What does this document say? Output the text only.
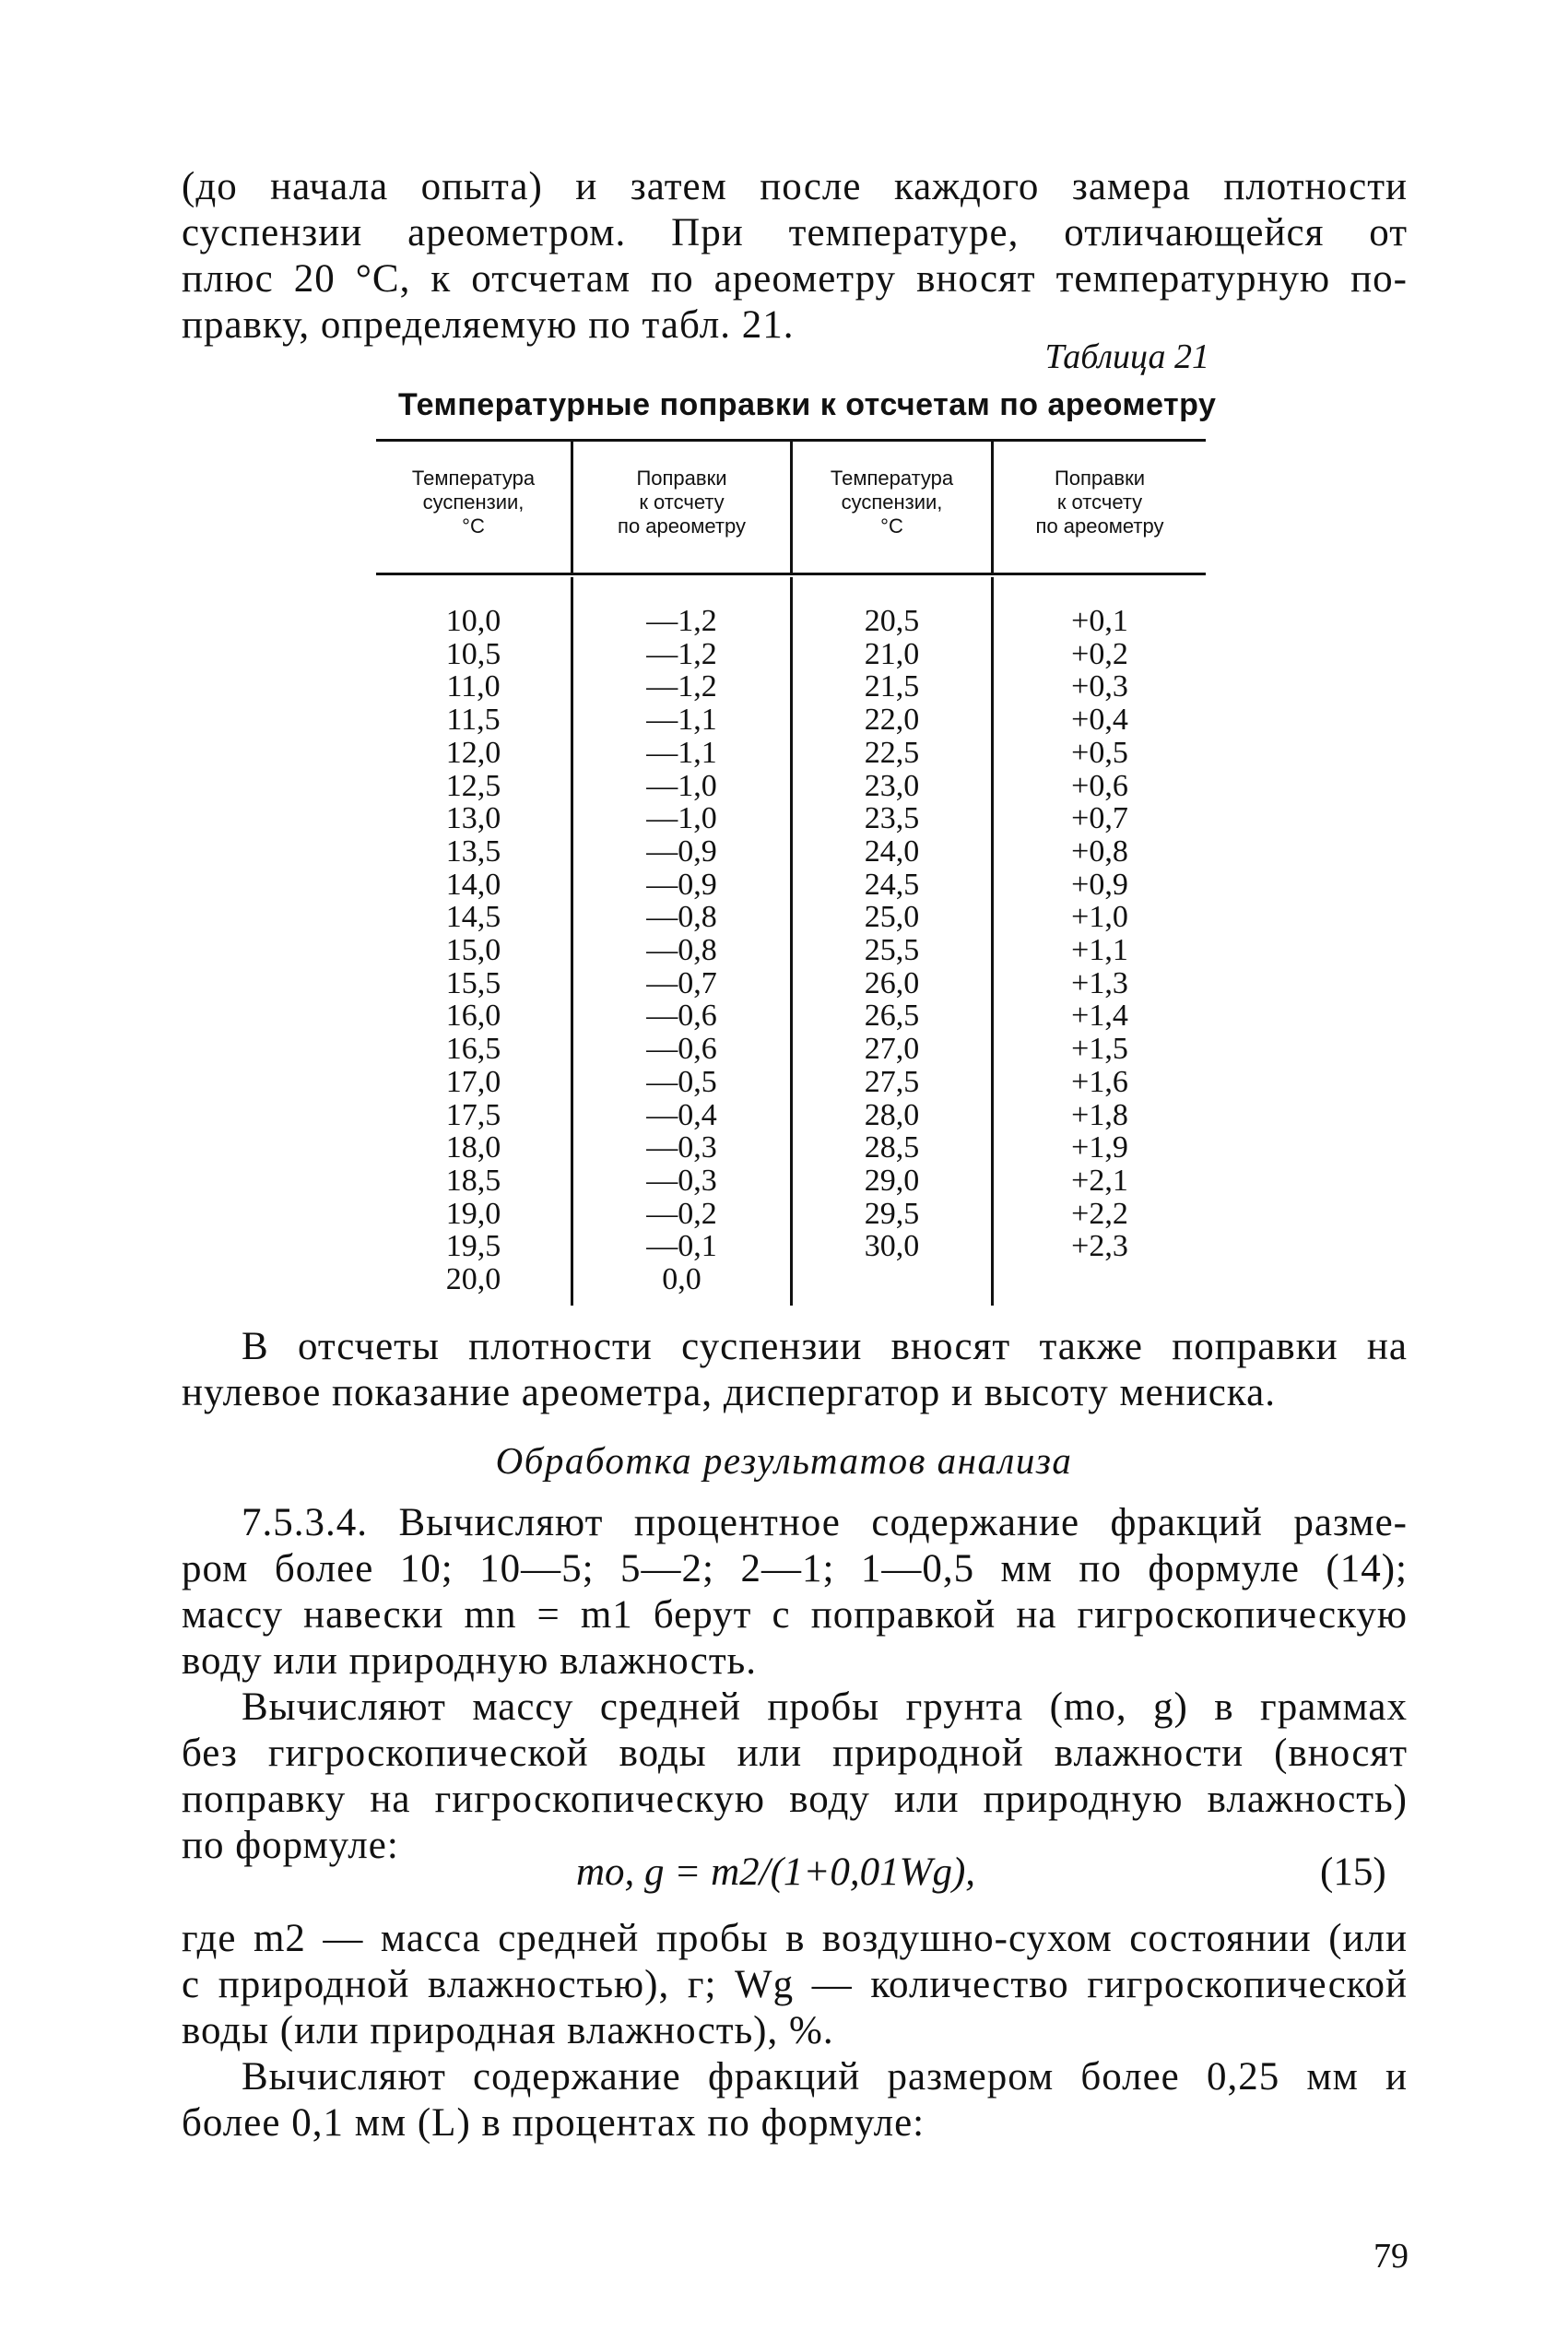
(до начала опыта) и затем после каждого замера плотности
суспензии ареометром. При температуре, отличающейся от
плюс 20 °С, к отсчетам по ареометру вносят температурную по-
правку, определяемую по табл. 21.

Таблица 21

Температурные поправки к отсчетам по ареометру

Температура
суспензии,
°С
Поправки
к отсчету
по ареометру
Температура
суспензии,
°С
Поправки
к отсчету
по ареометру
10,0
10,5
11,0
11,5
12,0
12,5
13,0
13,5
14,0
14,5
15,0
15,5
16,0
16,5
17,0
17,5
18,0
18,5
19,0
19,5
20,0
—1,2
—1,2
—1,2
—1,1
—1,1
—1,0
—1,0
—0,9
—0,9
—0,8
—0,8
—0,7
—0,6
—0,6
—0,5
—0,4
—0,3
—0,3
—0,2
—0,1
0,0
20,5
21,0
21,5
22,0
22,5
23,0
23,5
24,0
24,5
25,0
25,5
26,0
26,5
27,0
27,5
28,0
28,5
29,0
29,5
30,0
+0,1
+0,2
+0,3
+0,4
+0,5
+0,6
+0,7
+0,8
+0,9
+1,0
+1,1
+1,3
+1,4
+1,5
+1,6
+1,8
+1,9
+2,1
+2,2
+2,3
В отсчеты плотности суспензии вносят также поправки на
нулевое показание ареометра, диспергатор и высоту мениска.

Обработка результатов анализа

7.5.3.4. Вычисляют процентное содержание фракций разме-
ром более 10; 10—5; 5—2; 2—1; 1—0,5 мм по формуле (14);
массу навески mn = m1 берут с поправкой на гигроскопическую
воду или природную влажность.
Вычисляют массу средней пробы грунта (mo, g) в граммах
без гигроскопической воды или природной влажности (вносят
поправку на гигроскопическую воду или природную влажность)
по формуле:

mo, g = m2/(1+0,01Wg),	(15)

где m2 — масса средней пробы в воздушно-сухом состоянии (или
с природной влажностью), г; Wg — количество гигроскопической
воды (или природная влажность), %.
Вычисляют содержание фракций размером более 0,25 мм и
более 0,1 мм (L) в процентах по формуле:

79
